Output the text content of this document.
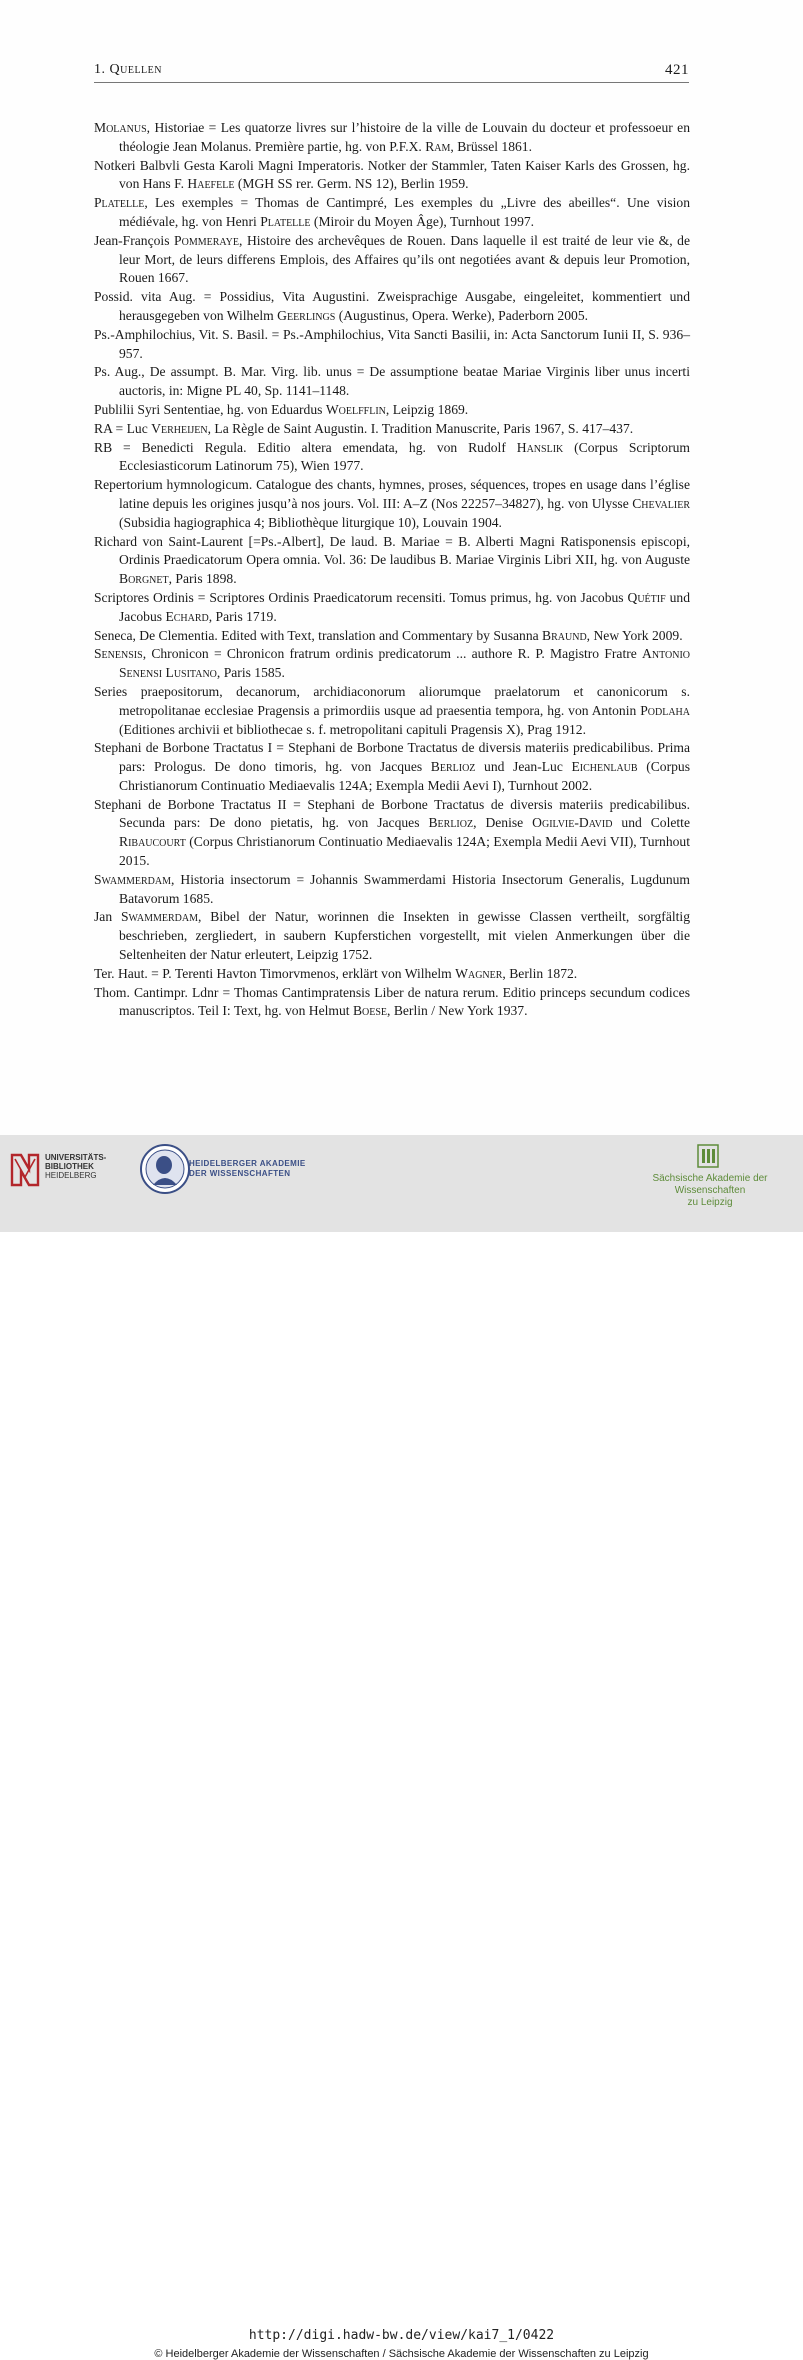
1. Quellen	421

Molanus, Historiae = Les quatorze livres sur l’histoire de la ville de Louvain du docteur et professoeur en théologie Jean Molanus. Première partie, hg. von P.F.X. Ram, Brüssel 1861.

Notkeri Balbvli Gesta Karoli Magni Imperatoris. Notker der Stammler, Taten Kaiser Karls des Grossen, hg. von Hans F. Haefele (MGH SS rer. Germ. NS 12), Berlin 1959.

Platelle, Les exemples = Thomas de Cantimpré, Les exemples du „Livre des abeilles“. Une vision médiévale, hg. von Henri Platelle (Miroir du Moyen Âge), Turnhout 1997.

Jean-François Pommeraye, Histoire des archevêques de Rouen. Dans laquelle il est traité de leur vie &, de leur Mort, de leurs differens Emplois, des Affaires qu’ils ont negotiées avant & depuis leur Promotion, Rouen 1667.

Possid. vita Aug. = Possidius, Vita Augustini. Zweisprachige Ausgabe, eingeleitet, kommentiert und herausgegeben von Wilhelm Geerlings (Augustinus, Opera. Werke), Paderborn 2005.

Ps.-Amphilochius, Vit. S. Basil. = Ps.-Amphilochius, Vita Sancti Basilii, in: Acta Sanctorum Iunii II, S. 936–957.

Ps. Aug., De assumpt. B. Mar. Virg. lib. unus = De assumptione beatae Mariae Virginis liber unus incerti auctoris, in: Migne PL 40, Sp. 1141–1148.

Publilii Syri Sententiae, hg. von Eduardus Woelfflin, Leipzig 1869.

RA = Luc Verheijen, La Règle de Saint Augustin. I. Tradition Manuscrite, Paris 1967, S. 417–437.

RB = Benedicti Regula. Editio altera emendata, hg. von Rudolf Hanslik (Corpus Scriptorum Ecclesiasticorum Latinorum 75), Wien 1977.

Repertorium hymnologicum. Catalogue des chants, hymnes, proses, séquences, tropes en usage dans l’église latine depuis les origines jusqu’à nos jours. Vol. III: A–Z (Nos 22257–34827), hg. von Ulysse Chevalier (Subsidia hagiographica 4; Bibliothèque liturgique 10), Louvain 1904.

Richard von Saint-Laurent [=Ps.-Albert], De laud. B. Mariae = B. Alberti Magni Ratisponensis episcopi, Ordinis Praedicatorum Opera omnia. Vol. 36: De laudibus B. Mariae Virginis Libri XII, hg. von Auguste Borgnet, Paris 1898.

Scriptores Ordinis = Scriptores Ordinis Praedicatorum recensiti. Tomus primus, hg. von Jacobus Quétif und Jacobus Echard, Paris 1719.

Seneca, De Clementia. Edited with Text, translation and Commentary by Susanna Braund, New York 2009.

Senensis, Chronicon = Chronicon fratrum ordinis predicatorum ... authore R. P. Magistro Fratre Antonio Senensi Lusitano, Paris 1585.

Series praepositorum, decanorum, archidiaconorum aliorumque praelatorum et canonicorum s. metropolitanae ecclesiae Pragensis a primordiis usque ad praesentia tempora, hg. von Antonin Podlaha (Editiones archivii et bibliothecae s. f. metropolitani capituli Pragensis X), Prag 1912.

Stephani de Borbone Tractatus I = Stephani de Borbone Tractatus de diversis materiis predicabilibus. Prima pars: Prologus. De dono timoris, hg. von Jacques Berlioz und Jean-Luc Eichenlaub (Corpus Christianorum Continuatio Mediaevalis 124A; Exempla Medii Aevi I), Turnhout 2002.

Stephani de Borbone Tractatus II = Stephani de Borbone Tractatus de diversis materiis predicabilibus. Secunda pars: De dono pietatis, hg. von Jacques Berlioz, Denise Ogilvie-David und Colette Ribaucourt (Corpus Christianorum Continuatio Mediaevalis 124A; Exempla Medii Aevi VII), Turnhout 2015.

Swammerdam, Historia insectorum = Johannis Swammerdami Historia Insectorum Generalis, Lugdunum Batavorum 1685.

Jan Swammerdam, Bibel der Natur, worinnen die Insekten in gewisse Classen vertheilt, sorgfältig beschrieben, zergliedert, in saubern Kupferstichen vorgestellt, mit vielen Anmerkungen über die Seltenheiten der Natur erleutert, Leipzig 1752.

Ter. Haut. = P. Terenti Havton Timorvmenos, erklärt von Wilhelm Wagner, Berlin 1872.

Thom. Cantimpr. Ldnr = Thomas Cantimpratensis Liber de natura rerum. Editio princeps secundum codices manuscriptos. Teil I: Text, hg. von Helmut Boese, Berlin / New York 1937.

UNIVERSITÄTS-
BIBLIOTHEK
HEIDELBERG
HEIDELBERGER AKADEMIE
DER WISSENSCHAFTEN	Sächsische Akademie der Wissenschaften
zu Leipzig
http://digi.hadw-bw.de/view/kai7_1/0422
© Heidelberger Akademie der Wissenschaften / Sächsische Akademie der Wissenschaften zu Leipzig
